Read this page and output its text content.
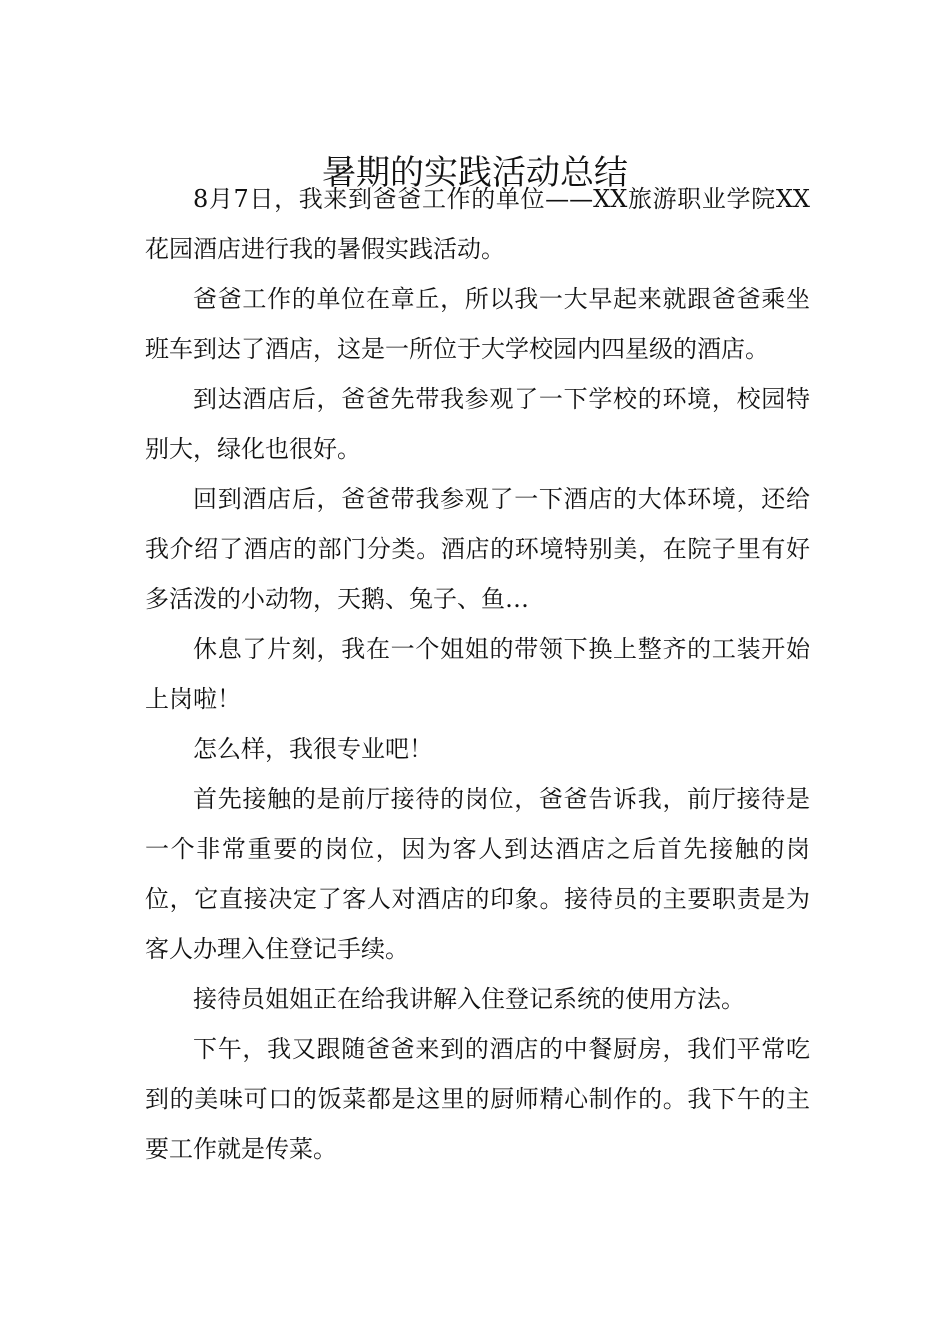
暑期的实践活动总结

8月7日，我来到爸爸工作的单位——XX旅游职业学院XX花园酒店进行我的暑假实践活动。

爸爸工作的单位在章丘，所以我一大早起来就跟爸爸乘坐班车到达了酒店，这是一所位于大学校园内四星级的酒店。

到达酒店后，爸爸先带我参观了一下学校的环境，校园特别大，绿化也很好。

回到酒店后，爸爸带我参观了一下酒店的大体环境，还给我介绍了酒店的部门分类。酒店的环境特别美，在院子里有好多活泼的小动物，天鹅、兔子、鱼…

休息了片刻，我在一个姐姐的带领下换上整齐的工装开始上岗啦！

怎么样，我很专业吧！

首先接触的是前厅接待的岗位，爸爸告诉我，前厅接待是一个非常重要的岗位，因为客人到达酒店之后首先接触的岗位，它直接决定了客人对酒店的印象。接待员的主要职责是为客人办理入住登记手续。

接待员姐姐正在给我讲解入住登记系统的使用方法。

下午，我又跟随爸爸来到的酒店的中餐厨房，我们平常吃到的美味可口的饭菜都是这里的厨师精心制作的。我下午的主要工作就是传菜。
